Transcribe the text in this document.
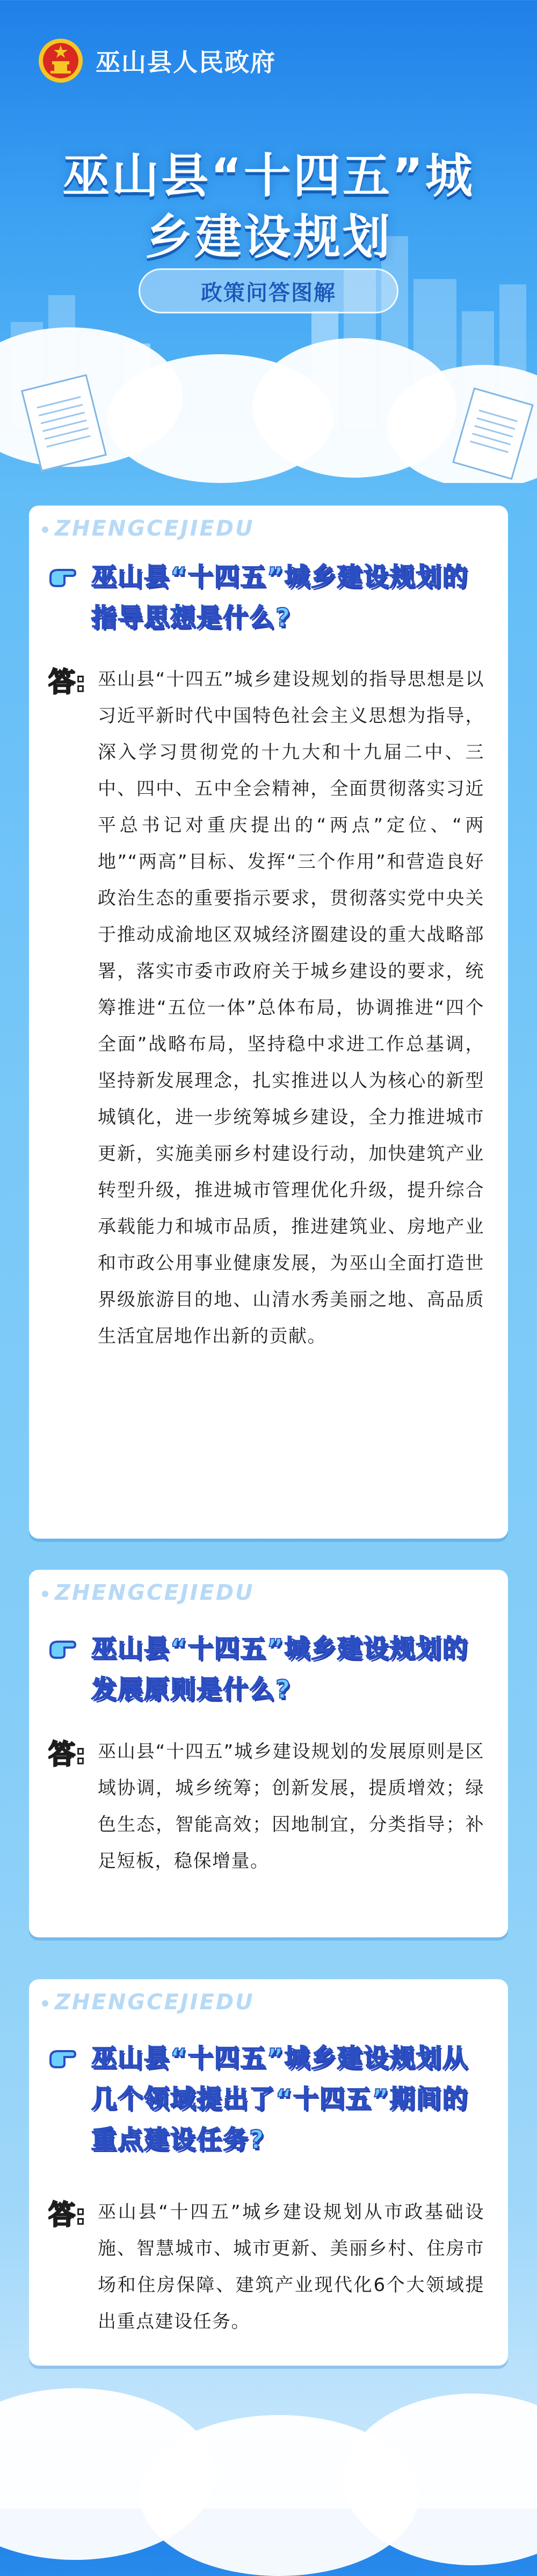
巫山县人民政府
巫山县“十四五”城
乡建设规划
政策问答图解
ZHENGCEJIEDU
巫山县“十四五”城乡建设规划的指导思想是什么?
答: 巫山县“十四五”城乡建设规划的指导思想是以习近平新时代中国特色社会主义思想为指导，深入学习贯彻党的十九大和十九届二中、三中、四中、五中全会精神，全面贯彻落实习近平总书记对重庆提出的“两点”定位、“两地”“两高”目标、发挥“三个作用”和营造良好政治生态的重要指示要求，贯彻落实党中央关于推动成渝地区双城经济圈建设的重大战略部署，落实市委市政府关于城乡建设的要求，统筹推进“五位一体”总体布局，协调推进“四个全面”战略布局，坚持稳中求进工作总基调，坚持新发展理念，扎实推进以人为核心的新型城镇化，进一步统筹城乡建设，全力推进城市更新，实施美丽乡村建设行动，加快建筑产业转型升级，推进城市管理优化升级，提升综合承载能力和城市品质，推进建筑业、房地产业和市政公用事业健康发展，为巫山全面打造世界级旅游目的地、山清水秀美丽之地、高品质生活宜居地作出新的贡献。
ZHENGCEJIEDU
巫山县“十四五”城乡建设规划的发展原则是什么?
答: 巫山县“十四五”城乡建设规划的发展原则是区域协调，城乡统筹；创新发展，提质增效；绿色生态，智能高效；因地制宜，分类指导；补足短板，稳保增量。
ZHENGCEJIEDU
巫山县“十四五”城乡建设规划从几个领域提出了“十四五”期间的重点建设任务?
答: 巫山县“十四五”城乡建设规划从市政基础设施、智慧城市、城市更新、美丽乡村、住房市场和住房保障、建筑产业现代化6个大领域提出重点建设任务。
